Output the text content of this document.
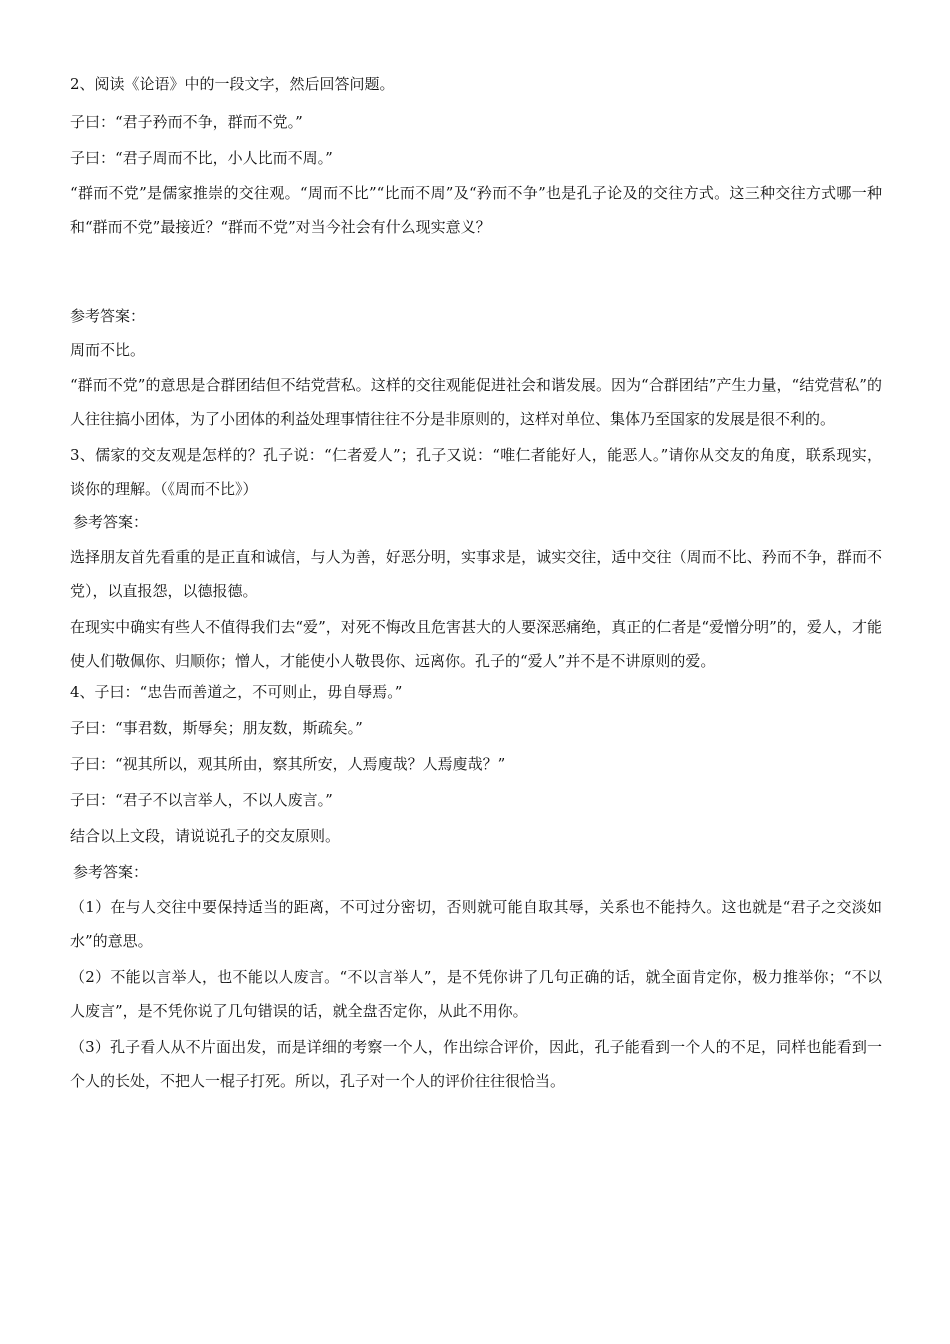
2、阅读《论语》中的一段文字，然后回答问题。

子曰：“君子矜而不争，群而不党。”

子曰：“君子周而不比，小人比而不周。”

“群而不党”是儒家推崇的交往观。“周而不比”“比而不周”及“矜而不争”也是孔子论及的交往方式。这三种交往方式哪一种和“群而不党”最接近？“群而不党”对当今社会有什么现实意义？

参考答案：

周而不比。

“群而不党”的意思是合群团结但不结党营私。这样的交往观能促进社会和谐发展。因为“合群团结”产生力量，“结党营私”的人往往搞小团体，为了小团体的利益处理事情往往不分是非原则的，这样对单位、集体乃至国家的发展是很不利的。

3、儒家的交友观是怎样的？孔子说：“仁者爱人”；孔子又说：“唯仁者能好人，能恶人。”请你从交友的角度，联系现实，谈你的理解。（《周而不比》）

参考答案：

选择朋友首先看重的是正直和诚信，与人为善，好恶分明，实事求是，诚实交往，适中交往（周而不比、矜而不争，群而不党），以直报怨，以德报德。

在现实中确实有些人不值得我们去“爱”，对死不悔改且危害甚大的人要深恶痛绝，真正的仁者是“爱憎分明”的，爱人，才能使人们敬佩你、归顺你；憎人，才能使小人敬畏你、远离你。孔子的“爱人”并不是不讲原则的爱。

4、子曰：“忠告而善道之，不可则止，毋自辱焉。”

子曰：“事君数，斯辱矣；朋友数，斯疏矣。”

子曰：“视其所以，观其所由，察其所安，人焉廋哉？人焉廋哉？”

子曰：“君子不以言举人，不以人废言。”

结合以上文段，请说说孔子的交友原则。

参考答案：

（1）在与人交往中要保持适当的距离，不可过分密切，否则就可能自取其辱，关系也不能持久。这也就是“君子之交淡如水”的意思。

（2）不能以言举人，也不能以人废言。“不以言举人”，是不凭你讲了几句正确的话，就全面肯定你，极力推举你；“不以人废言”，是不凭你说了几句错误的话，就全盘否定你，从此不用你。

（3）孔子看人从不片面出发，而是详细的考察一个人，作出综合评价，因此，孔子能看到一个人的不足，同样也能看到一个人的长处，不把人一棍子打死。所以，孔子对一个人的评价往往很恰当。
